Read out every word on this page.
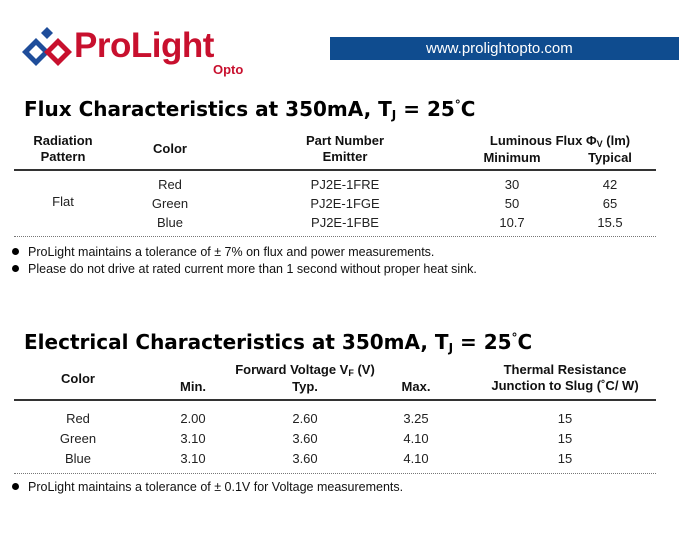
ProLight
Opto
www.prolightopto.com
Flux Characteristics at 350mA, $T_J = 25^\circ C$
Radiation
Pattern
Color
Part Number
Emitter
Luminous Flux $\Phi_V$ (lm)
Minimum	Typical
Flat
Red	PJ2E-1FRE	30	42
Green	PJ2E-1FGE	50	65
Blue	PJ2E-1FBE	10.7	15.5
ProLight maintains a tolerance of ± 7% on flux and power measurements.
Please do not drive at rated current more than 1 second without proper heat sink.
Electrical Characteristics at 350mA, $T_J = 25^\circ C$
Color
Forward Voltage $V_F$ (V)
Min.	Typ.	Max.
Thermal Resistance
Junction to Slug (˚C/ W)
Red	2.00	2.60	3.25	15
Green	3.10	3.60	4.10	15
Blue	3.10	3.60	4.10	15
ProLight maintains a tolerance of ± 0.1V for Voltage measurements.
